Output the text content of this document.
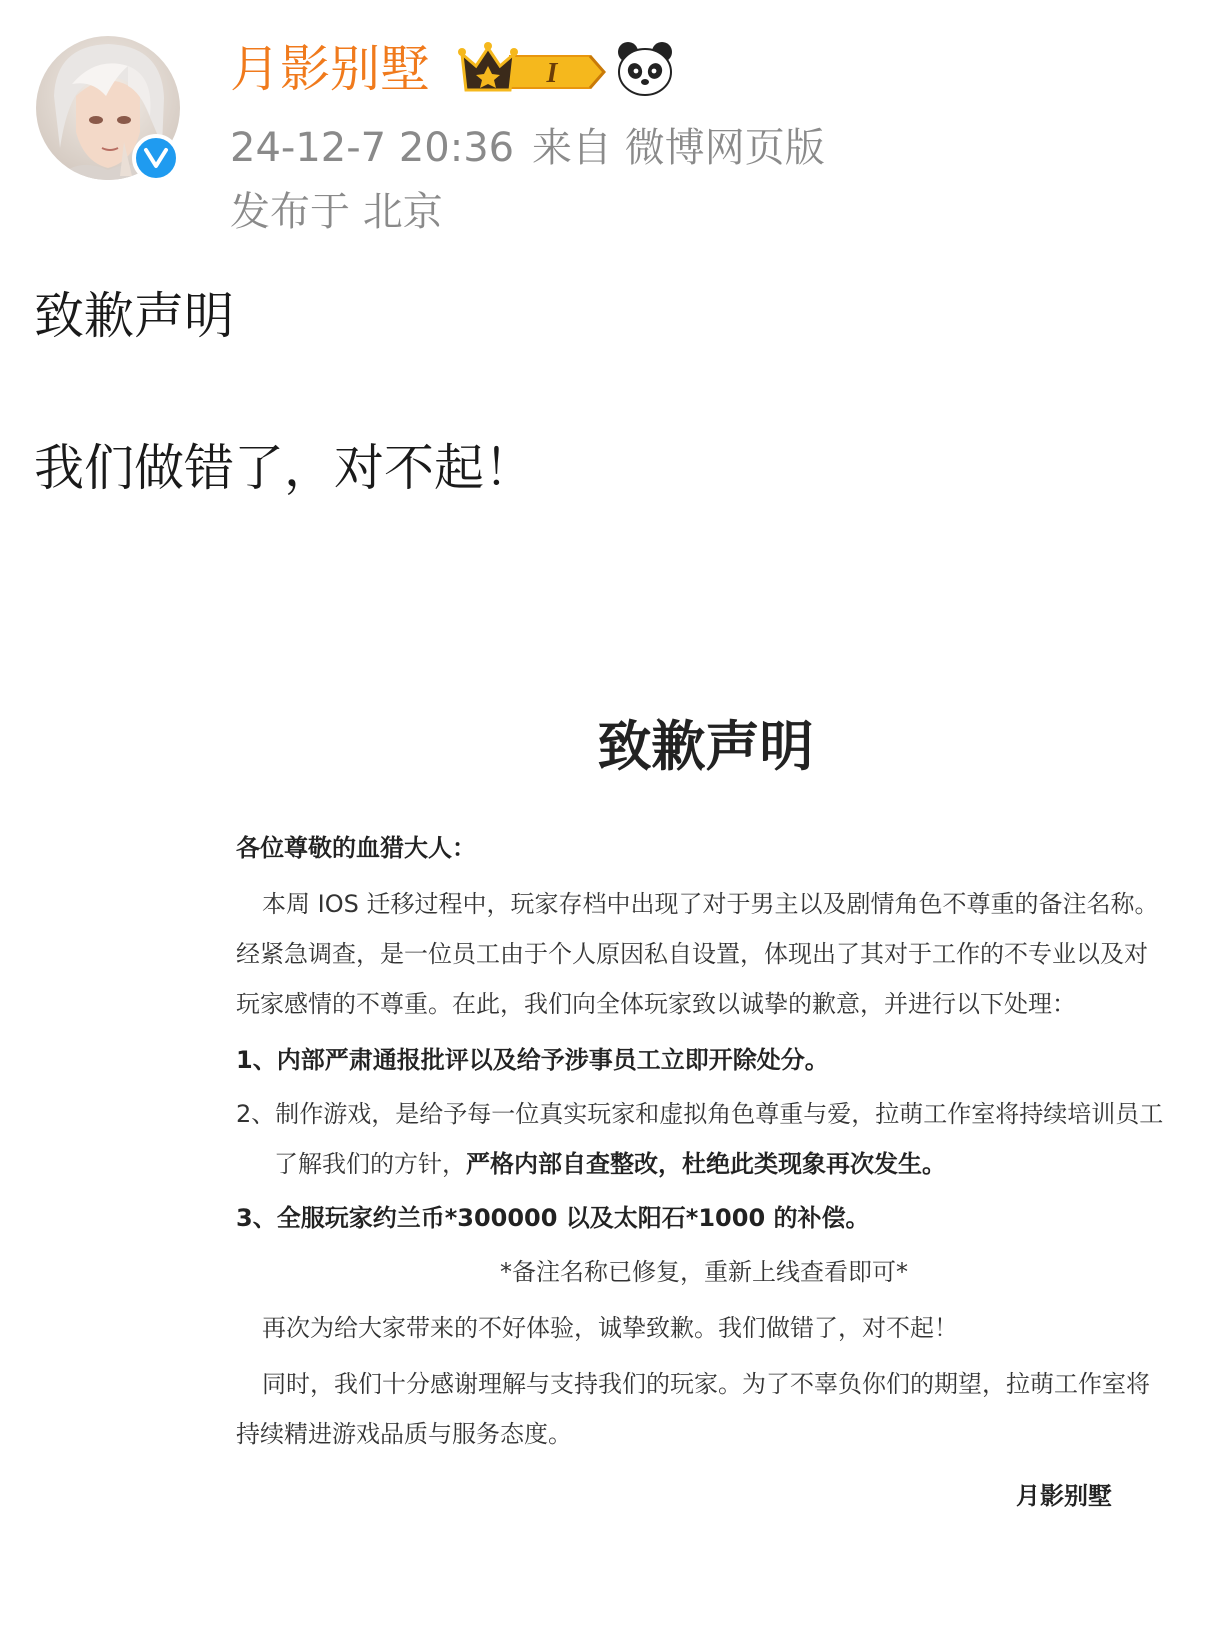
月影别墅	I
24-12-7 20:36 来自 微博网页版
发布于 北京
致歉声明
我们做错了，对不起！
致歉声明
各位尊敬的血猎大人：
本周 IOS 迁移过程中，玩家存档中出现了对于男主以及剧情角色不尊重的备注名称。
经紧急调查，是一位员工由于个人原因私自设置，体现出了其对于工作的不专业以及对
玩家感情的不尊重。在此，我们向全体玩家致以诚挚的歉意，并进行以下处理：
1、内部严肃通报批评以及给予涉事员工立即开除处分。
2、制作游戏，是给予每一位真实玩家和虚拟角色尊重与爱，拉萌工作室将持续培训员工
了解我们的方针，严格内部自查整改，杜绝此类现象再次发生。
3、全服玩家约兰币*300000 以及太阳石*1000 的补偿。
*备注名称已修复，重新上线查看即可*
再次为给大家带来的不好体验，诚挚致歉。我们做错了，对不起！
同时，我们十分感谢理解与支持我们的玩家。为了不辜负你们的期望，拉萌工作室将
持续精进游戏品质与服务态度。
月影别墅
